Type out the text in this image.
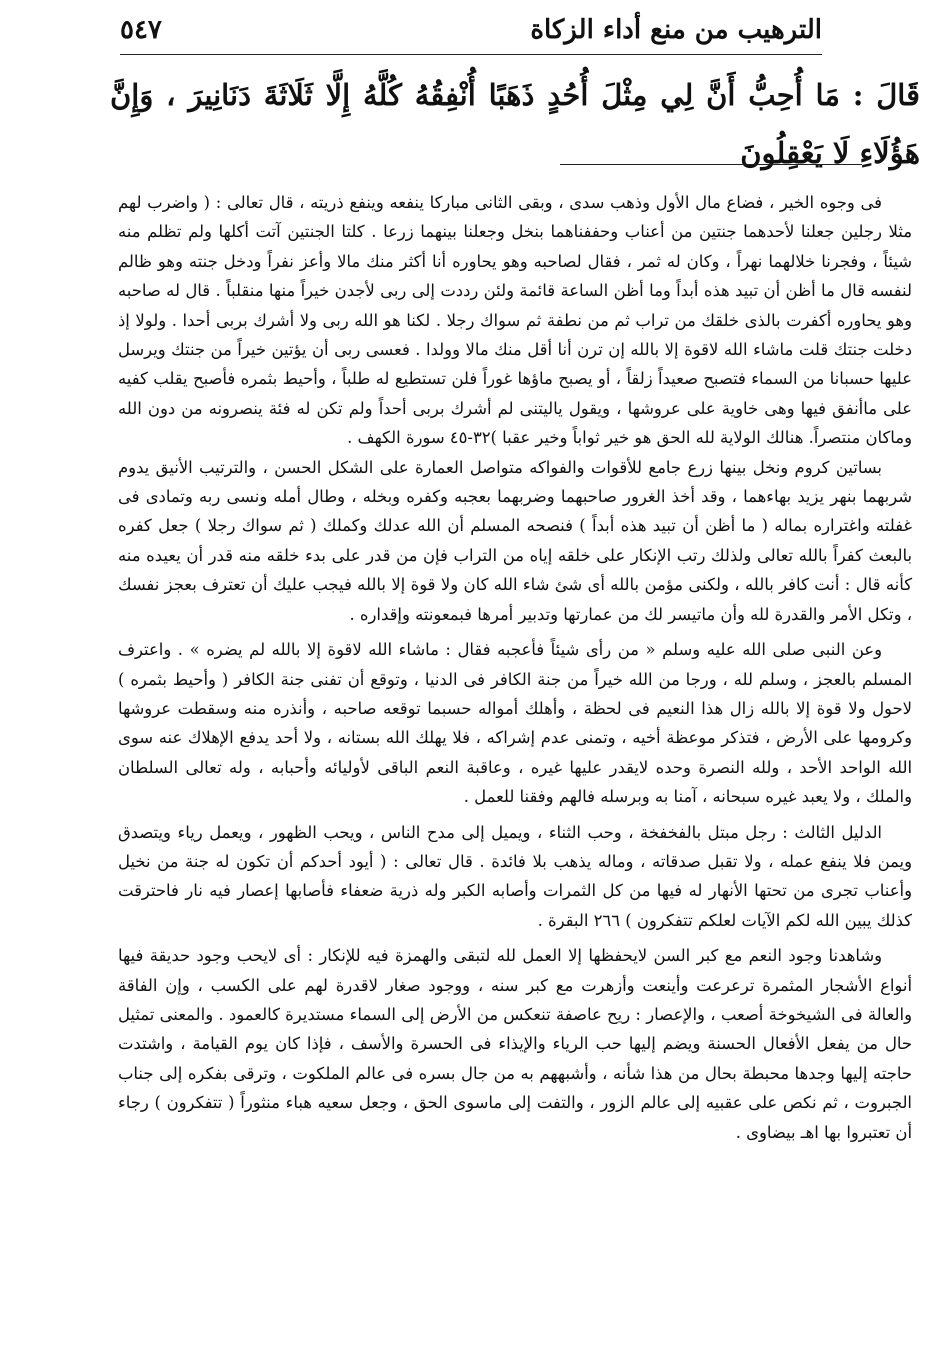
الترهيب من منع أداء الزكاة
٥٤٧
قَالَ : مَا أُحِبُّ أَنَّ لِي مِثْلَ أُحُدٍ ذَهَبًا أُنْفِقُهُ كُلَّهُ إِلَّا ثَلَاثَةَ دَنَانِيرَ ، وَإِنَّ هَؤُلَاءِ لَا يَعْقِلُونَ

فى وجوه الخير ، فضاع مال الأول وذهب سدى ، وبقى الثانى مباركا ينفعه وينفع ذريته ، قال تعالى : ( واضرب لهم مثلا رجلين جعلنا لأحدهما جنتين من أعناب وحففناهما بنخل وجعلنا بينهما زرعا . كلتا الجنتين آتت أكلها ولم تظلم منه شيئاً ، وفجرنا خلالهما نهراً ، وكان له ثمر ، فقال لصاحبه وهو يحاوره أنا أكثر منك مالا وأعز نفراً ودخل جنته وهو ظالم لنفسه قال ما أظن أن تبيد هذه أبداً وما أظن الساعة قائمة ولئن رددت إلى ربى لأجدن خيراً منها منقلباً . قال له صاحبه وهو يحاوره أكفرت بالذى خلقك من تراب ثم من نطفة ثم سواك رجلا . لكنا هو الله ربى ولا أشرك بربى أحدا . ولولا إذ دخلت جنتك قلت ماشاء الله لاقوة إلا بالله إن ترن أنا أقل منك مالا وولدا . فعسى ربى أن يؤتين خيراً من جنتك ويرسل عليها حسبانا من السماء فتصبح صعيداً زلقاً ، أو يصبح ماؤها غوراً فلن تستطيع له طلباً ، وأحيط بثمره فأصبح يقلب كفيه على ماأنفق فيها وهى خاوية على عروشها ، ويقول ياليتنى لم أشرك بربى أحداً ولم تكن له فئة ينصرونه من دون الله وماكان منتصراً. هنالك الولاية لله الحق هو خير ثواباً وخير عقبا )٣٢-٤٥ سورة الكهف .

بساتين كروم ونخل بينها زرع جامع للأقوات والفواكه متواصل العمارة على الشكل الحسن ، والترتيب الأنيق يدوم شربهما بنهر يزيد بهاءهما ، وقد أخذ الغرور صاحبهما وضربهما بعجبه وكفره وبخله ، وطال أمله ونسى ربه وتمادى فى غفلته واغتراره بماله ( ما أظن أن تبيد هذه أبداً ) فنصحه المسلم أن الله عدلك وكملك ( ثم سواك رجلا ) جعل كفره بالبعث كفراً بالله تعالى ولذلك رتب الإنكار على خلقه إياه من التراب فإن من قدر على بدء خلقه منه قدر أن يعيده منه كأنه قال : أنت كافر بالله ، ولكنى مؤمن بالله أى شئ شاء الله كان ولا قوة إلا بالله فيجب عليك أن تعترف بعجز نفسك ، وتكل الأمر والقدرة لله وأن ماتيسر لك من عمارتها وتدبير أمرها فبمعونته وإقداره .

وعن النبى صلى الله عليه وسلم « من رأى شيئاً فأعجبه فقال : ماشاء الله لاقوة إلا بالله لم يضره » . واعترف المسلم بالعجز ، وسلم لله ، ورجا من الله خيراً من جنة الكافر فى الدنيا ، وتوقع أن تفنى جنة الكافر ( وأحيط بثمره ) لاحول ولا قوة إلا بالله زال هذا النعيم فى لحظة ، وأهلك أمواله حسبما توقعه صاحبه ، وأنذره منه وسقطت عروشها وكرومها على الأرض ، فتذكر موعظة أخيه ، وتمنى عدم إشراكه ، فلا يهلك الله بستانه ، ولا أحد يدفع الإهلاك عنه سوى الله الواحد الأحد ، ولله النصرة وحده لايقدر عليها غيره ، وعاقبة النعم الباقى لأوليائه وأحبابه ، وله تعالى السلطان والملك ، ولا يعبد غيره سبحانه ، آمنا به وبرسله فالهم وفقنا للعمل .

الدليل الثالث : رجل مبتل بالفخفخة ، وحب الثناء ، ويميل إلى مدح الناس ، ويحب الظهور ، ويعمل رياء ويتصدق ويمن فلا ينفع عمله ، ولا تقبل صدقاته ، وماله يذهب بلا فائدة . قال تعالى : ( أيود أحدكم أن تكون له جنة من نخيل وأعناب تجرى من تحتها الأنهار له فيها من كل الثمرات وأصابه الكبر وله ذرية ضعفاء فأصابها إعصار فيه نار فاحترقت كذلك يبين الله لكم الآيات لعلكم تتفكرون ) ٢٦٦ البقرة .

وشاهدنا وجود النعم مع كبر السن لايحفظها إلا العمل لله لتبقى والهمزة فيه للإنكار : أى لايحب وجود حديقة فيها أنواع الأشجار المثمرة ترعرعت وأينعت وأزهرت مع كبر سنه ، ووجود صغار لاقدرة لهم على الكسب ، وإن الفاقة والعالة فى الشيخوخة أصعب ، والإعصار : ريح عاصفة تنعكس من الأرض إلى السماء مستديرة كالعمود . والمعنى تمثيل حال من يفعل الأفعال الحسنة ويضم إليها حب الرياء والإيذاء فى الحسرة والأسف ، فإذا كان يوم القيامة ، واشتدت حاجته إليها وجدها محبطة بحال من هذا شأنه ، وأشبههم به من جال بسره فى عالم الملكوت ، وترقى بفكره إلى جناب الجبروت ، ثم نكص على عقبيه إلى عالم الزور ، والتفت إلى ماسوى الحق ، وجعل سعيه هباء منثوراً ( تتفكرون ) رجاء أن تعتبروا بها اهـ بيضاوى .
